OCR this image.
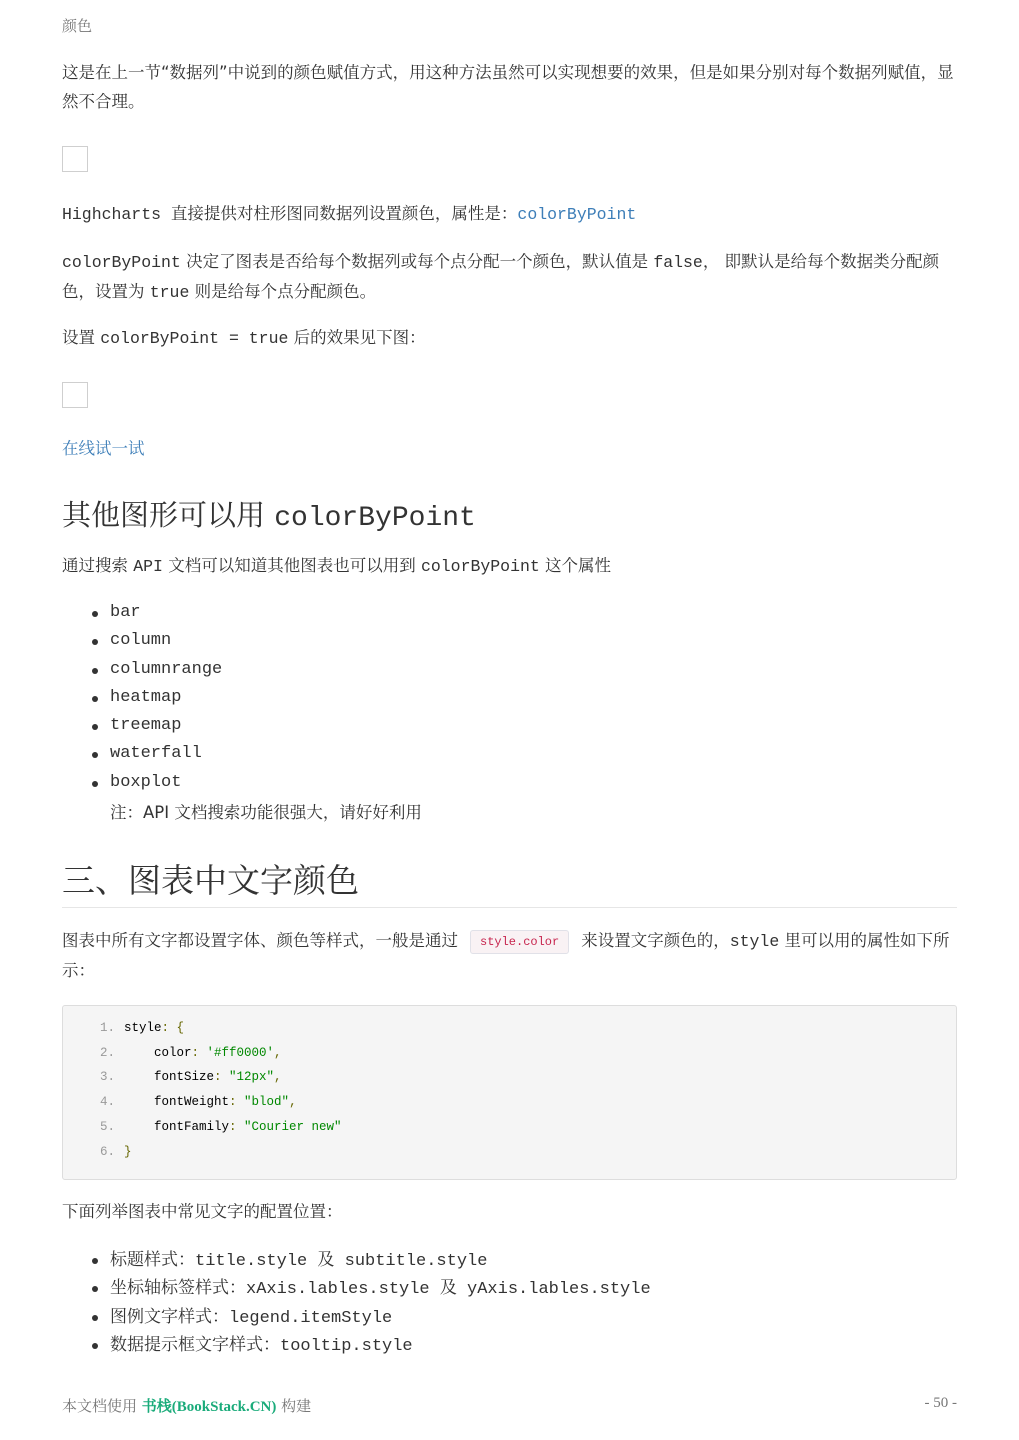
颜色
这是在上一节“数据列”中说到的颜色赋值方式，用这种方法虽然可以实现想要的效果，但是如果分别对每个数据列赋值，显然不合理。
Highcharts 直接提供对柱形图同数据列设置颜色，属性是：colorByPoint
colorByPoint 决定了图表是否给每个数据列或每个点分配一个颜色，默认值是 false， 即默认是给每个数据类分配颜色，设置为 true 则是给每个点分配颜色。
设置 colorByPoint = true 后的效果见下图：
在线试一试
其他图形可以用 colorByPoint
通过搜索 API 文档可以知道其他图表也可以用到 colorByPoint 这个属性
bar
column
columnrange
heatmap
treemap
waterfall
boxplot
注：API 文档搜索功能很强大，请好好利用
三、图表中文字颜色
图表中所有文字都设置字体、颜色等样式，一般是通过 style.color 来设置文字颜色的，style 里可以用的属性如下所示：
1. style: {
2.    color: '#ff0000',
3.    fontSize: "12px",
4.    fontWeight: "blod",
5.    fontFamily: "Courier new"
6. }
下面列举图表中常见文字的配置位置：
标题样式：title.style 及 subtitle.style
坐标轴标签样式：xAxis.lables.style 及 yAxis.lables.style
图例文字样式：legend.itemStyle
数据提示框文字样式：tooltip.style
本文档使用 书栈(BookStack.CN) 构建	- 50 -
